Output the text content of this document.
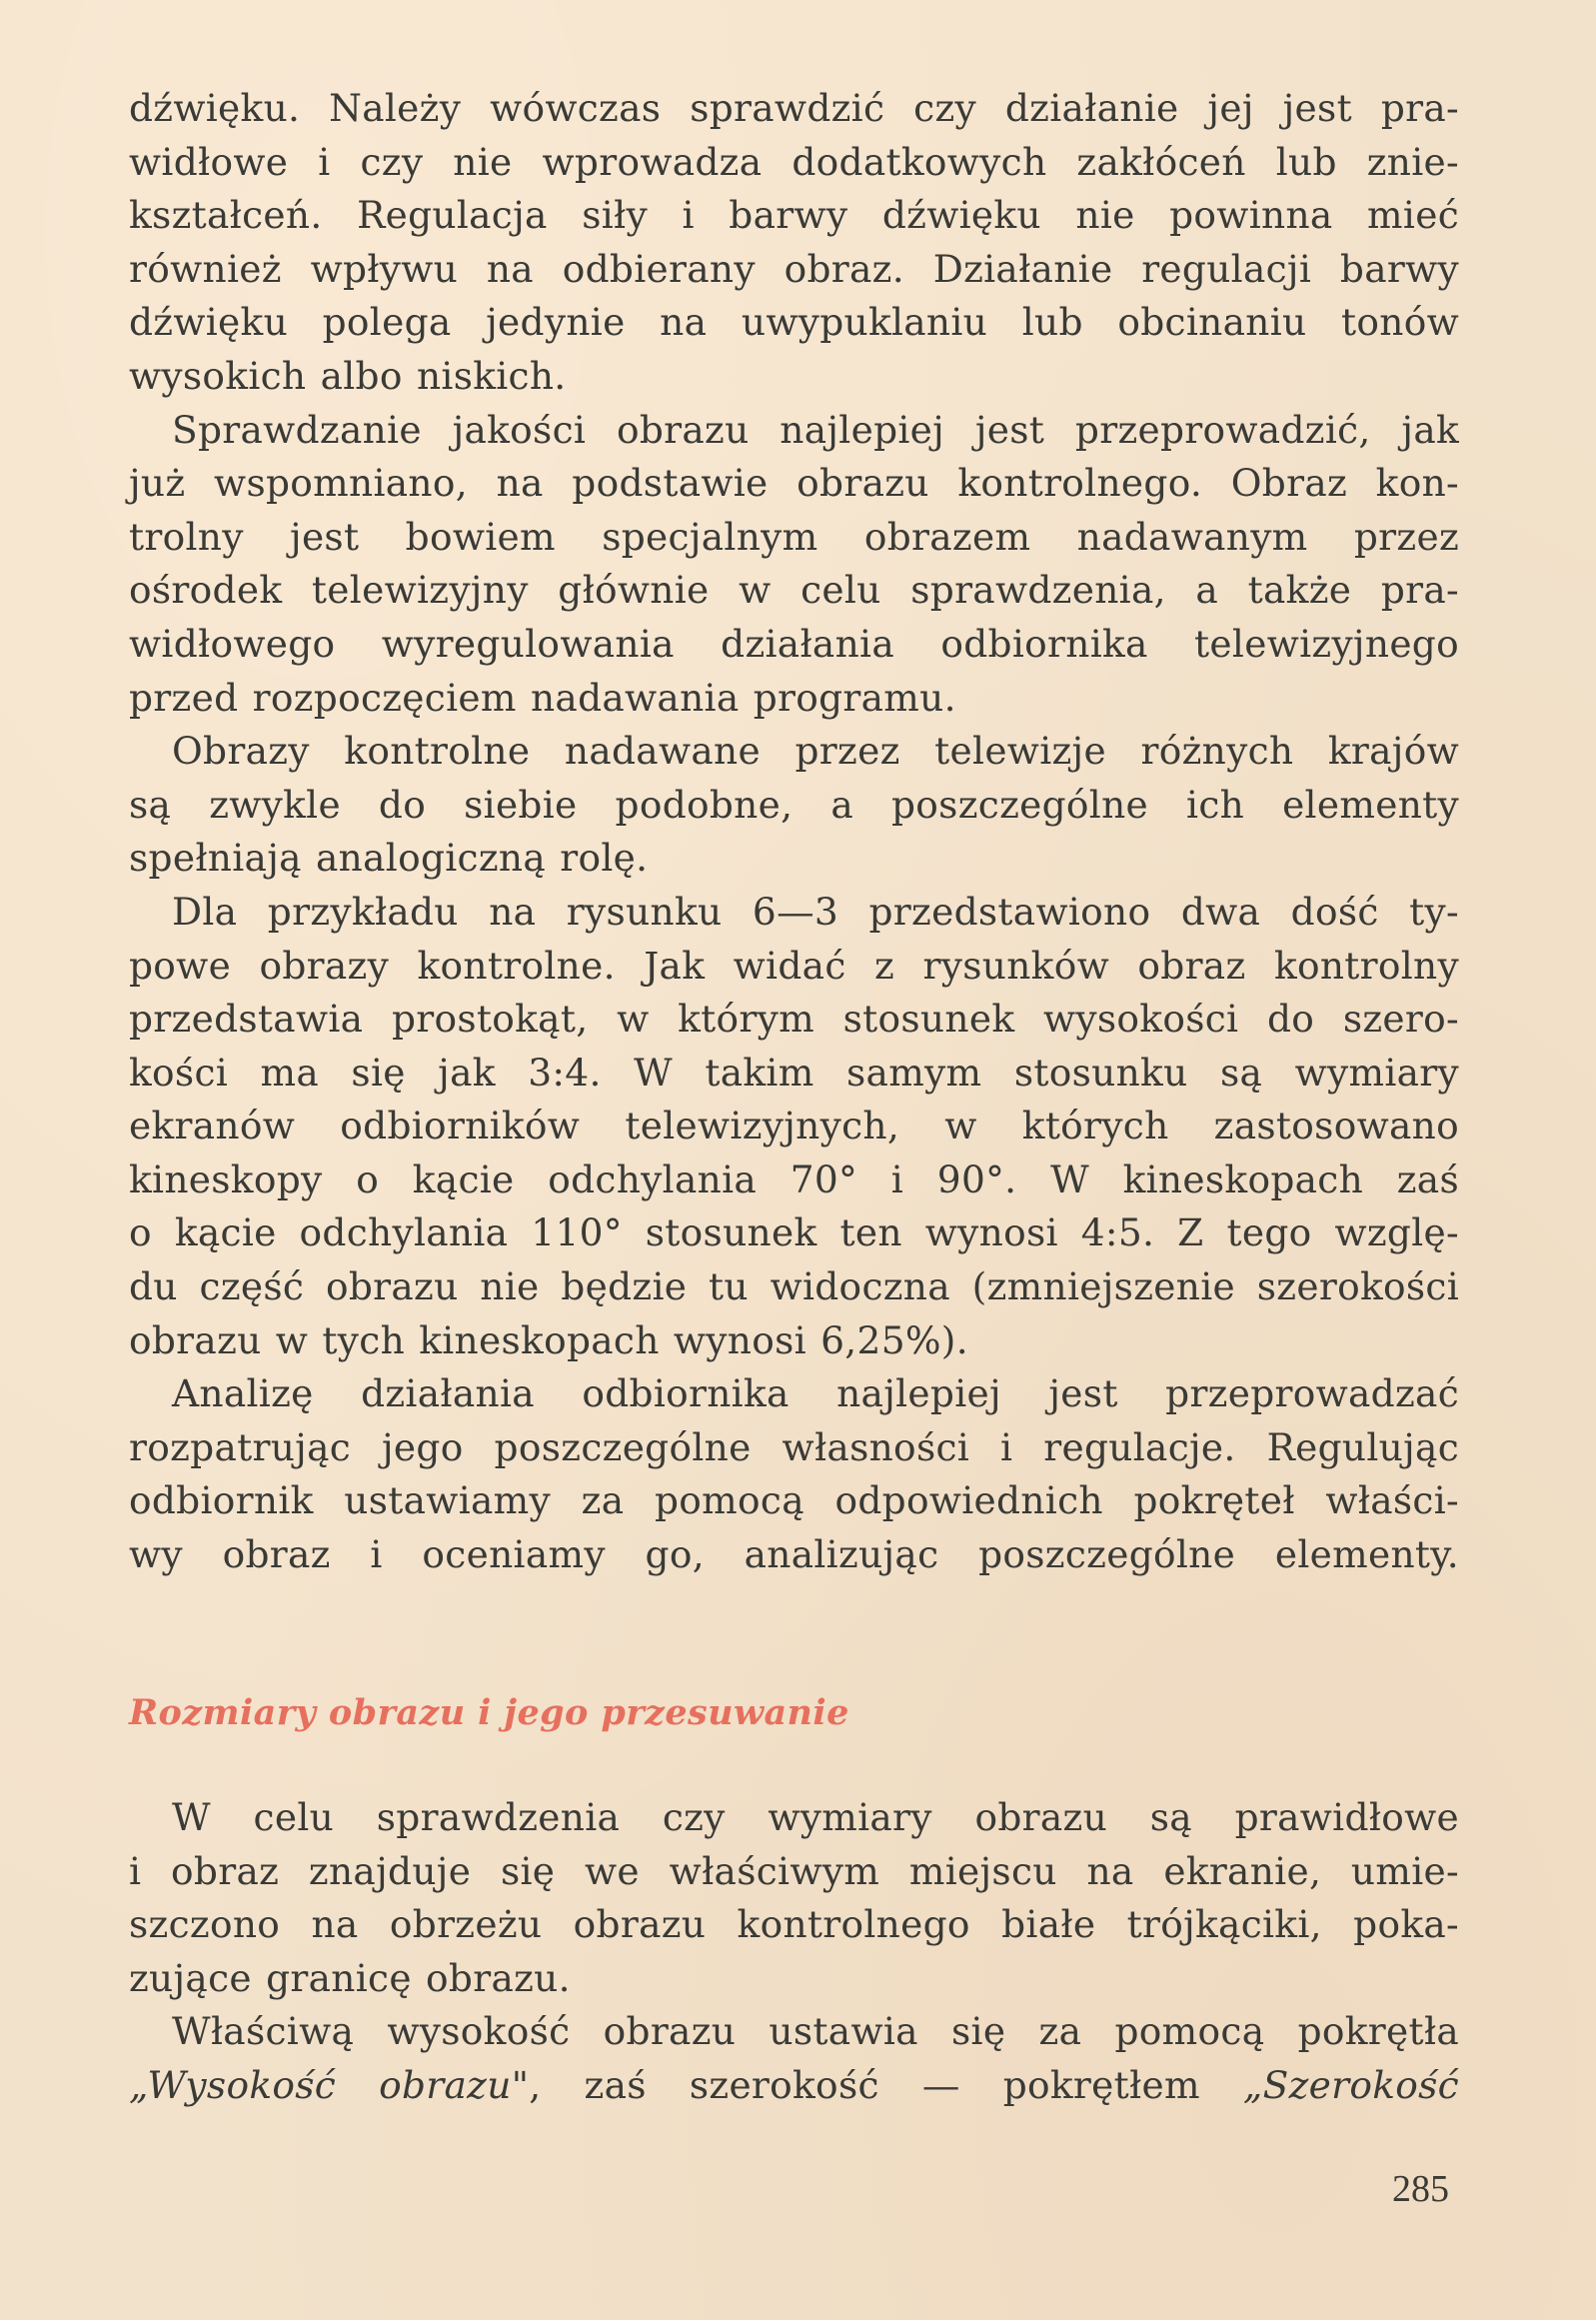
dźwięku. Należy wówczas sprawdzić czy działanie jej jest pra-
widłowe i czy nie wprowadza dodatkowych zakłóceń lub znie-
kształceń. Regulacja siły i barwy dźwięku nie powinna mieć
również wpływu na odbierany obraz. Działanie regulacji barwy
dźwięku polega jedynie na uwypuklaniu lub obcinaniu tonów
wysokich albo niskich.

Sprawdzanie jakości obrazu najlepiej jest przeprowadzić, jak
już wspomniano, na podstawie obrazu kontrolnego. Obraz kon-
trolny jest bowiem specjalnym obrazem nadawanym przez
ośrodek telewizyjny głównie w celu sprawdzenia, a także pra-
widłowego wyregulowania działania odbiornika telewizyjnego
przed rozpoczęciem nadawania programu.

Obrazy kontrolne nadawane przez telewizje różnych krajów
są zwykle do siebie podobne, a poszczególne ich elementy
spełniają analogiczną rolę.

Dla przykładu na rysunku 6—3 przedstawiono dwa dość ty-
powe obrazy kontrolne. Jak widać z rysunków obraz kontrolny
przedstawia prostokąt, w którym stosunek wysokości do szero-
kości ma się jak 3:4. W takim samym stosunku są wymiary
ekranów odbiorników telewizyjnych, w których zastosowano
kineskopy o kącie odchylania 70° i 90°. W kineskopach zaś
o kącie odchylania 110° stosunek ten wynosi 4:5. Z tego wzglę-
du część obrazu nie będzie tu widoczna (zmniejszenie szerokości
obrazu w tych kineskopach wynosi 6,25%).

Analizę działania odbiornika najlepiej jest przeprowadzać
rozpatrując jego poszczególne własności i regulacje. Regulując
odbiornik ustawiamy za pomocą odpowiednich pokręteł właści-
wy obraz i oceniamy go, analizując poszczególne elementy.

Rozmiary obrazu i jego przesuwanie

W celu sprawdzenia czy wymiary obrazu są prawidłowe
i obraz znajduje się we właściwym miejscu na ekranie, umie-
szczono na obrzeżu obrazu kontrolnego białe trójkąciki, poka-
zujące granicę obrazu.

Właściwą wysokość obrazu ustawia się za pomocą pokrętła
„Wysokość obrazu", zaś szerokość — pokrętłem „Szerokość

285
